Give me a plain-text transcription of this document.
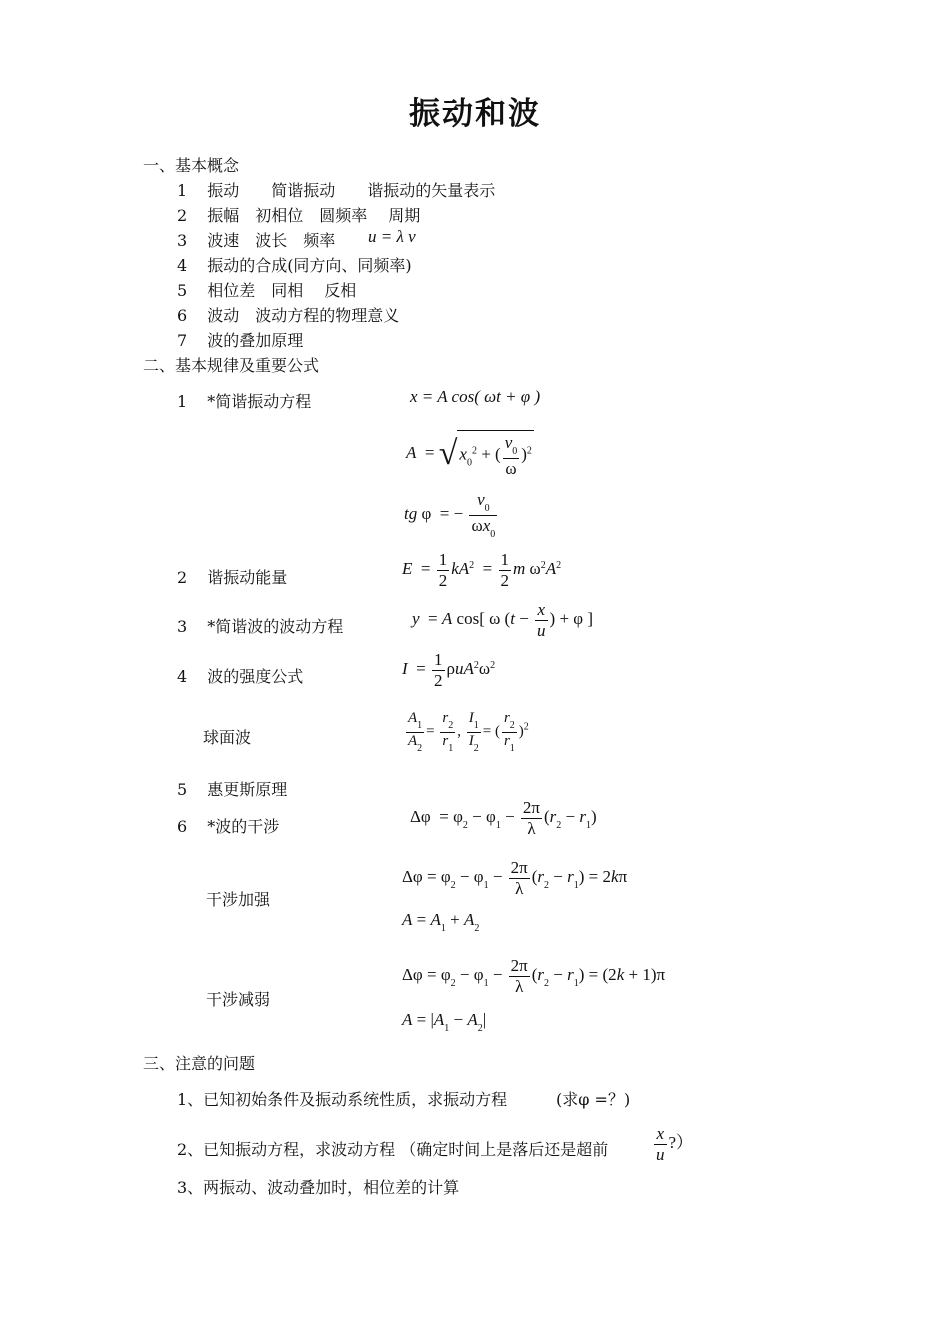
振动和波
一、基本概念
1 振动　　简谐振动　　谐振动的矢量表示
2 振幅　初相位　圆频率　 周期
3 波速　波长　频率 u = λ v
4 振动的合成(同方向、同频率)
5 相位差　同相　 反相
6 波动　波动方程的物理意义
7 波的叠加原理
二、基本规律及重要公式
1 *简谐振动方程	x = A cos( ωt + φ )
A  = √ $x_0^2$ + ( $\frac{v_0}{\omega} )^2$
tg φ  = − $\frac{v_0}{\omega x_0}$
2 谐振动能量	$E = \frac{1}{2} kA^2 = \frac{1}{2}$ m $\omega^2A^2$
3 *简谐波的波动方程	y  = A cos[ ω ($t - \frac{x}{u}$ ) + φ ]
4 波的强度公式	$I = \frac{1}{2} \rho uA^2\omega^2$
球面波	$\frac{A_1}{A_2} = \frac{r_2}{r_1}$ , $\frac{I_1}{I_2}$ = ( $\frac{r_2}{r_1} )^2$
5 惠更斯原理
6 *波的干涉
$\Delta\varphi = \varphi_2 - \varphi_1 - \frac{2\pi}{\lambda} (r_2 - r_1)$
干涉加强
$\Delta\varphi = \varphi_2 - \varphi_1 - \frac{2\pi}{\lambda} (r_2 - r_1) = 2k\pi$
$A = A_1 + A_2$
干涉减弱
$\Delta\varphi = \varphi_2 - \varphi_1 - \frac{2\pi}{\lambda} (r_2 - r_1) = (2k + 1)\pi$
$A = |A_1 - A_2|$
三、注意的问题
1、已知初始条件及振动系统性质，求振动方程	(求φ =？)
2、已知振动方程，求波动方程 （确定时间上是落后还是超前	$\frac{x}{u}$ ?）
3、两振动、波动叠加时，相位差的计算
